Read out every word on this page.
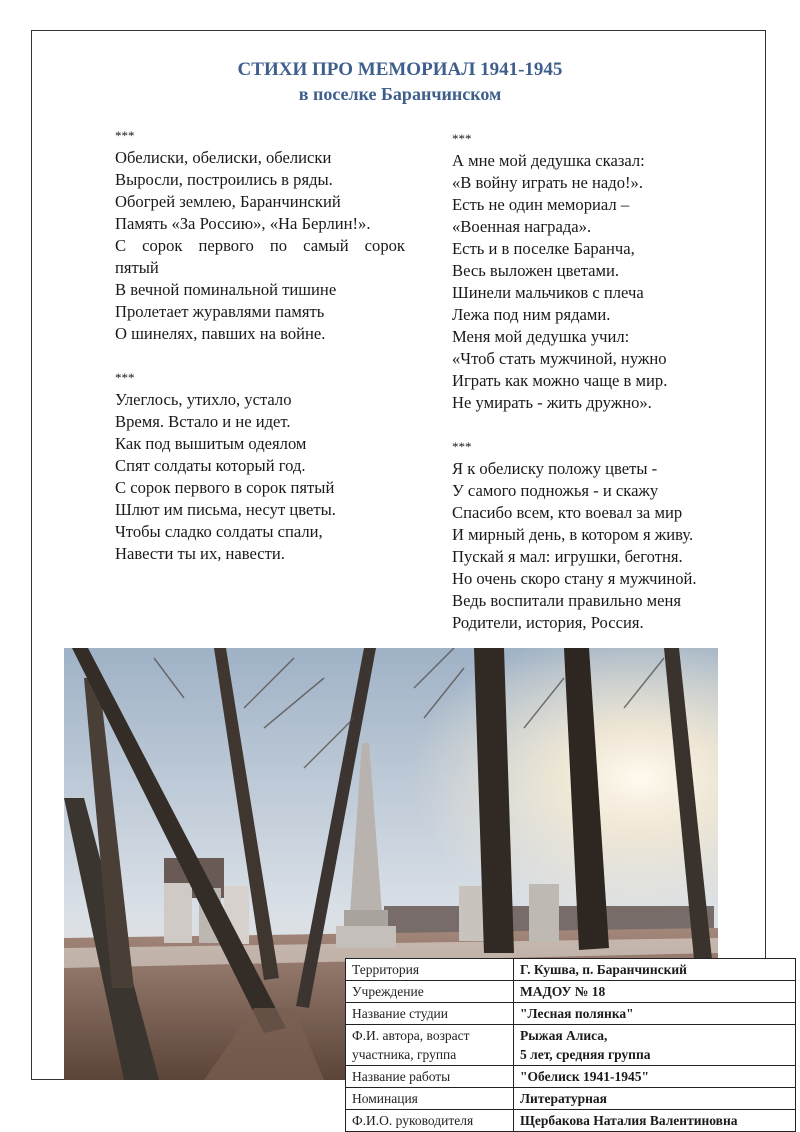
СТИХИ ПРО МЕМОРИАЛ 1941-1945
в поселке Баранчинском
***
Обелиски, обелиски, обелиски
Выросли, построились в ряды.
Обогрей землею, Баранчинский
Память «За Россию», «На Берлин!».
С сорок первого по самый сорок
пятый
В вечной поминальной тишине
Пролетает журавлями память
О шинелях, павших на войне.
***
Улеглось, утихло, устало
Время. Встало и не идет.
Как под вышитым одеялом
Спят солдаты который год.
С сорок первого в сорок пятый
Шлют им письма, несут цветы.
Чтобы сладко солдаты спали,
Навести ты их, навести.
***
А мне мой дедушка сказал:
«В войну играть не надо!».
Есть не один мемориал –
«Военная награда».
Есть и в поселке Баранча,
Весь выложен цветами.
Шинели мальчиков с плеча
Лежа под ним рядами.
Меня мой дедушка учил:
«Чтоб стать мужчиной, нужно
Играть как можно чаще в мир.
Не умирать - жить дружно».
***
Я к обелиску положу цветы -
У самого подножья - и скажу
Спасибо всем, кто воевал за мир
И мирный день, в котором я живу.
Пускай я мал: игрушки, беготня.
Но очень скоро стану я мужчиной.
Ведь воспитали правильно меня
Родители, история, Россия.
Территория	Г. Кушва, п. Баранчинский
Учреждение	МАДОУ № 18
Название студии	"Лесная полянка"
Ф.И. автора, возраст участника, группа	Рыжая Алиса,
5 лет, средняя группа
Название работы	"Обелиск 1941-1945"
Номинация	Литературная
Ф.И.О. руководителя	Щербакова Наталия Валентиновна
